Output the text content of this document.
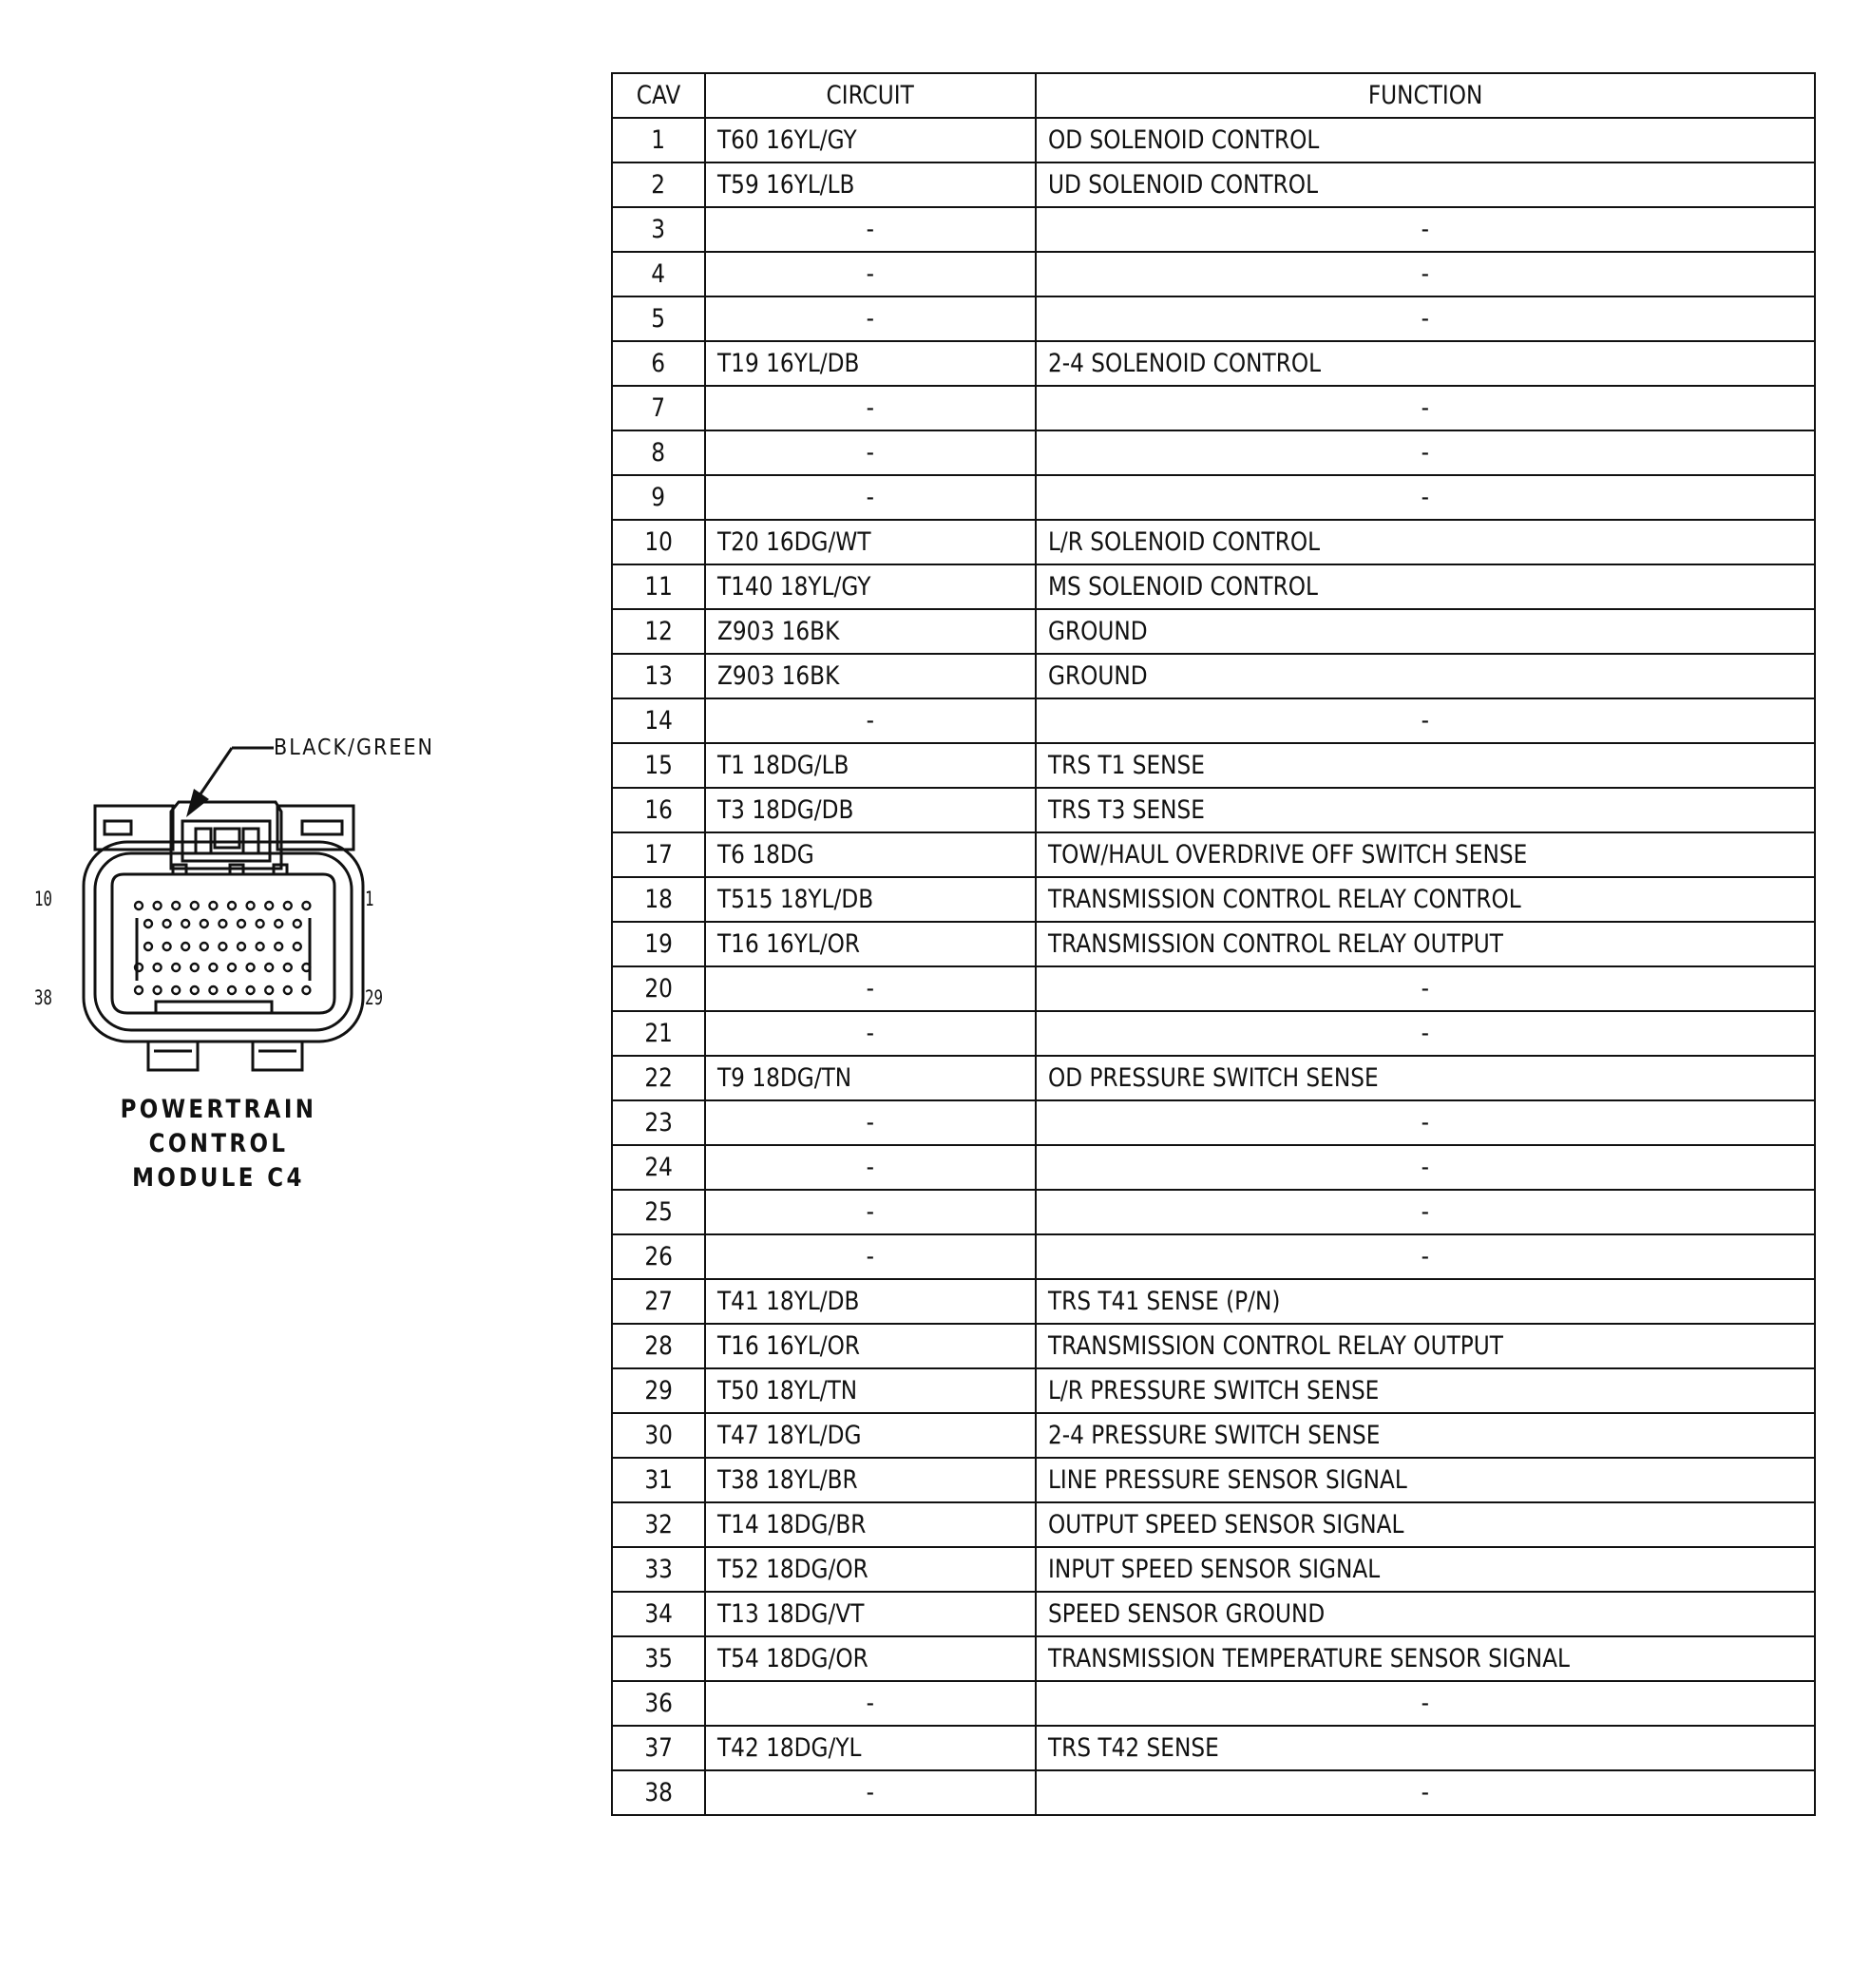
BLACK/GREEN
10	1
38	29
POWERTRAIN
CONTROL
MODULE C4
CAV	CIRCUIT	FUNCTION
1	T60 16YL/GY	OD SOLENOID CONTROL
2	T59 16YL/LB	UD SOLENOID CONTROL
3	-	-
4	-	-
5	-	-
6	T19 16YL/DB	2-4 SOLENOID CONTROL
7	-	-
8	-	-
9	-	-
10	T20 16DG/WT	L/R SOLENOID CONTROL
11	T140 18YL/GY	MS SOLENOID CONTROL
12	Z903 16BK	GROUND
13	Z903 16BK	GROUND
14	-	-
15	T1 18DG/LB	TRS T1 SENSE
16	T3 18DG/DB	TRS T3 SENSE
17	T6 18DG	TOW/HAUL OVERDRIVE OFF SWITCH SENSE
18	T515 18YL/DB	TRANSMISSION CONTROL RELAY CONTROL
19	T16 16YL/OR	TRANSMISSION CONTROL RELAY OUTPUT
20	-	-
21	-	-
22	T9 18DG/TN	OD PRESSURE SWITCH SENSE
23	-	-
24	-	-
25	-	-
26	-	-
27	T41 18YL/DB	TRS T41 SENSE (P/N)
28	T16 16YL/OR	TRANSMISSION CONTROL RELAY OUTPUT
29	T50 18YL/TN	L/R PRESSURE SWITCH SENSE
30	T47 18YL/DG	2-4 PRESSURE SWITCH SENSE
31	T38 18YL/BR	LINE PRESSURE SENSOR SIGNAL
32	T14 18DG/BR	OUTPUT SPEED SENSOR SIGNAL
33	T52 18DG/OR	INPUT SPEED SENSOR SIGNAL
34	T13 18DG/VT	SPEED SENSOR GROUND
35	T54 18DG/OR	TRANSMISSION TEMPERATURE SENSOR SIGNAL
36	-	-
37	T42 18DG/YL	TRS T42 SENSE
38	-	-
